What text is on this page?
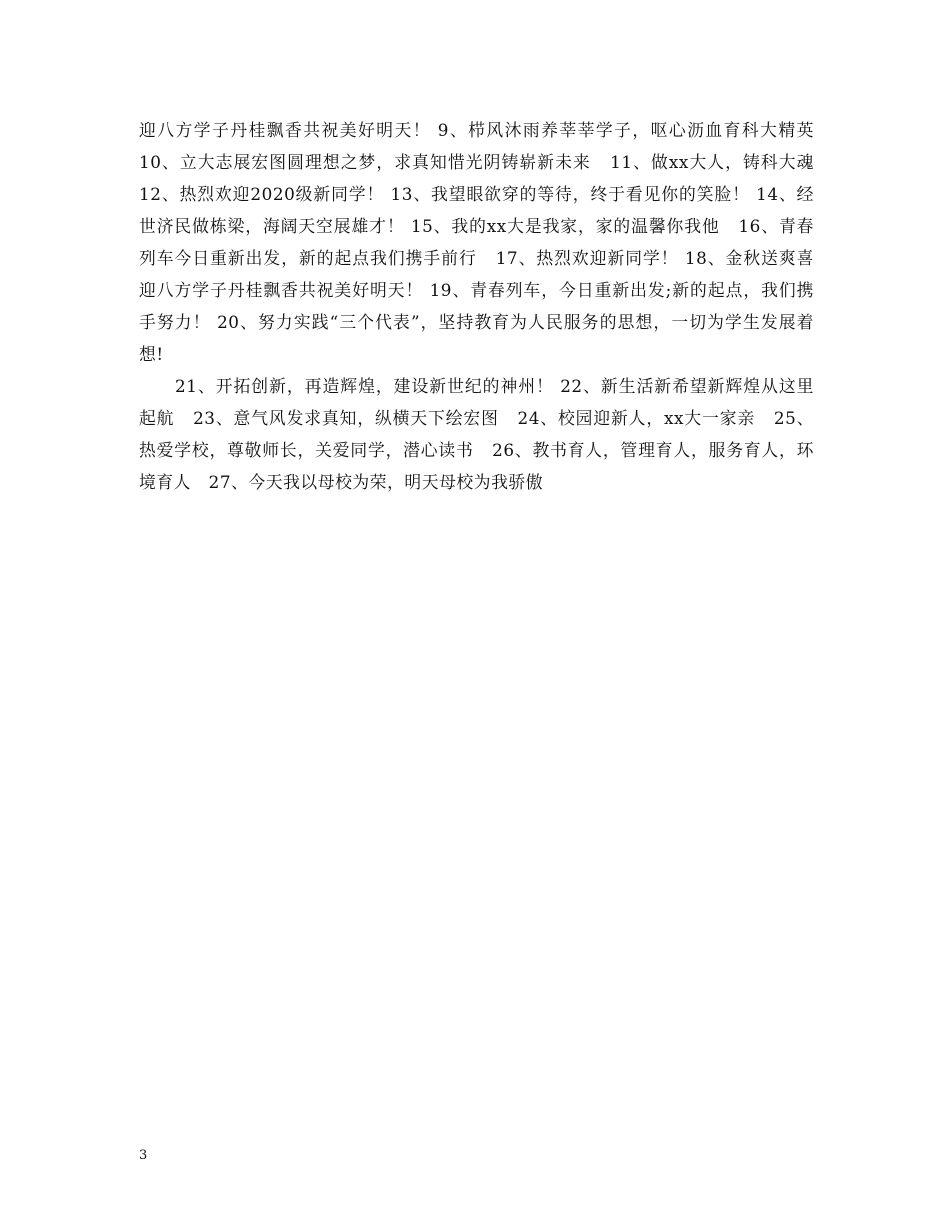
迎八方学子丹桂飘香共祝美好明天！ 9、栉风沐雨养莘莘学子，呕心沥血育科大精英   10、立大志展宏图圆理想之梦，求真知惜光阴铸崭新未来   11、做xx大人，铸科大魂   12、热烈欢迎2020级新同学！ 13、我望眼欲穿的等待，终于看见你的笑脸！ 14、经世济民做栋梁，海阔天空展雄才！ 15、我的xx大是我家，家的温馨你我他   16、青春列车今日重新出发，新的起点我们携手前行   17、热烈欢迎新同学！ 18、金秋送爽喜迎八方学子丹桂飘香共祝美好明天！ 19、青春列车，今日重新出发;新的起点，我们携手努力！ 20、努力实践“三个代表”，坚持教育为人民服务的思想，一切为学生发展着想!

21、开拓创新，再造辉煌，建设新世纪的神州！ 22、新生活新希望新辉煌从这里起航   23、意气风发求真知，纵横天下绘宏图   24、校园迎新人，xx大一家亲   25、热爱学校，尊敬师长，关爱同学，潜心读书   26、教书育人，管理育人，服务育人，环境育人   27、今天我以母校为荣，明天母校为我骄傲

3
